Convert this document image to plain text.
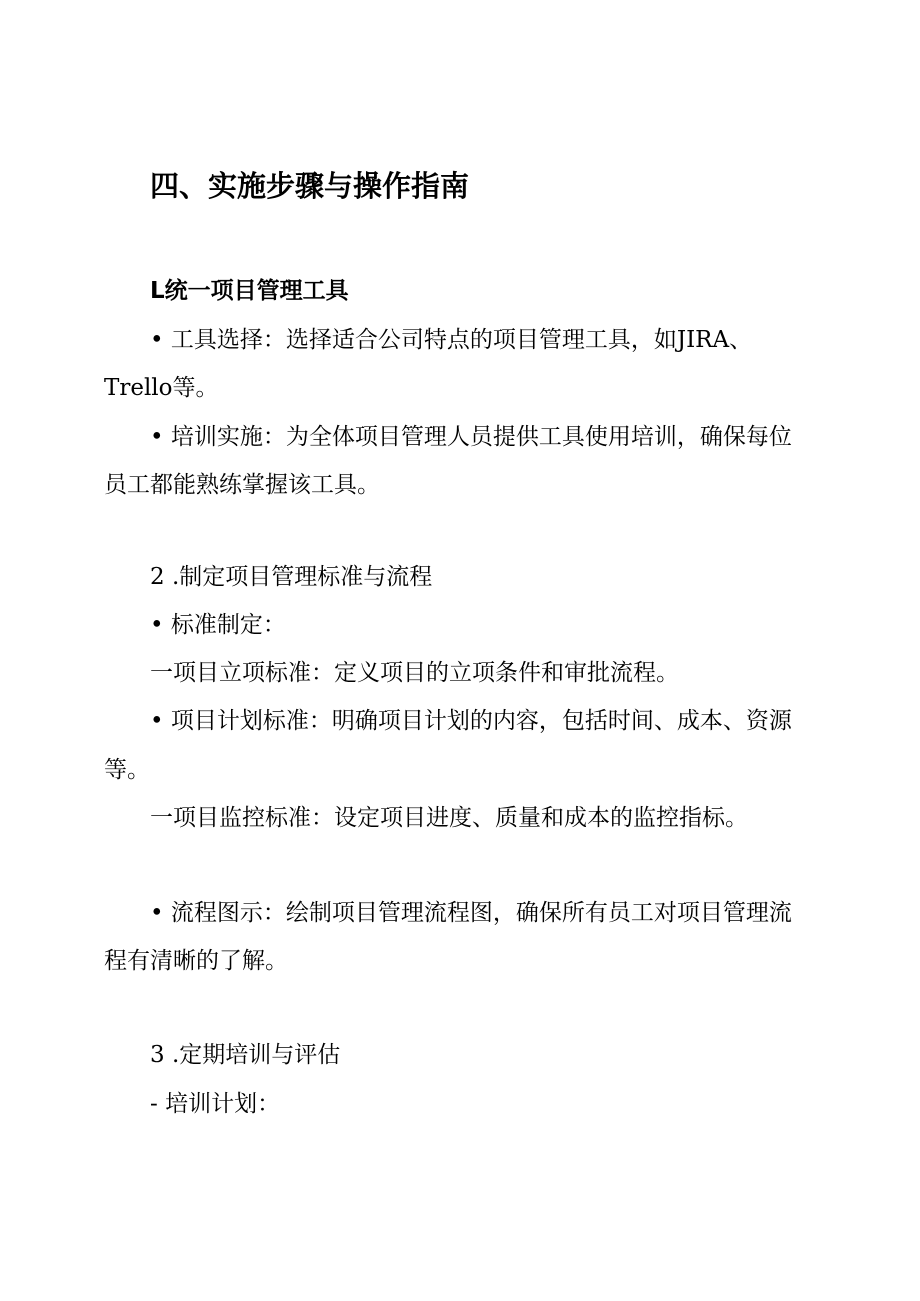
四、实施步骤与操作指南

L统一项目管理工具

• 工具选择：选择适合公司特点的项目管理工具，如JIRA、

Trello等。

• 培训实施：为全体项目管理人员提供工具使用培训，确保每位

员工都能熟练掌握该工具。

2 .制定项目管理标准与流程

• 标准制定：

一项目立项标准：定义项目的立项条件和审批流程。

• 项目计划标准：明确项目计划的内容，包括时间、成本、资源

等。

一项目监控标准：设定项目进度、质量和成本的监控指标。

• 流程图示：绘制项目管理流程图，确保所有员工对项目管理流

程有清晰的了解。

3 .定期培训与评估

- 培训计划：
